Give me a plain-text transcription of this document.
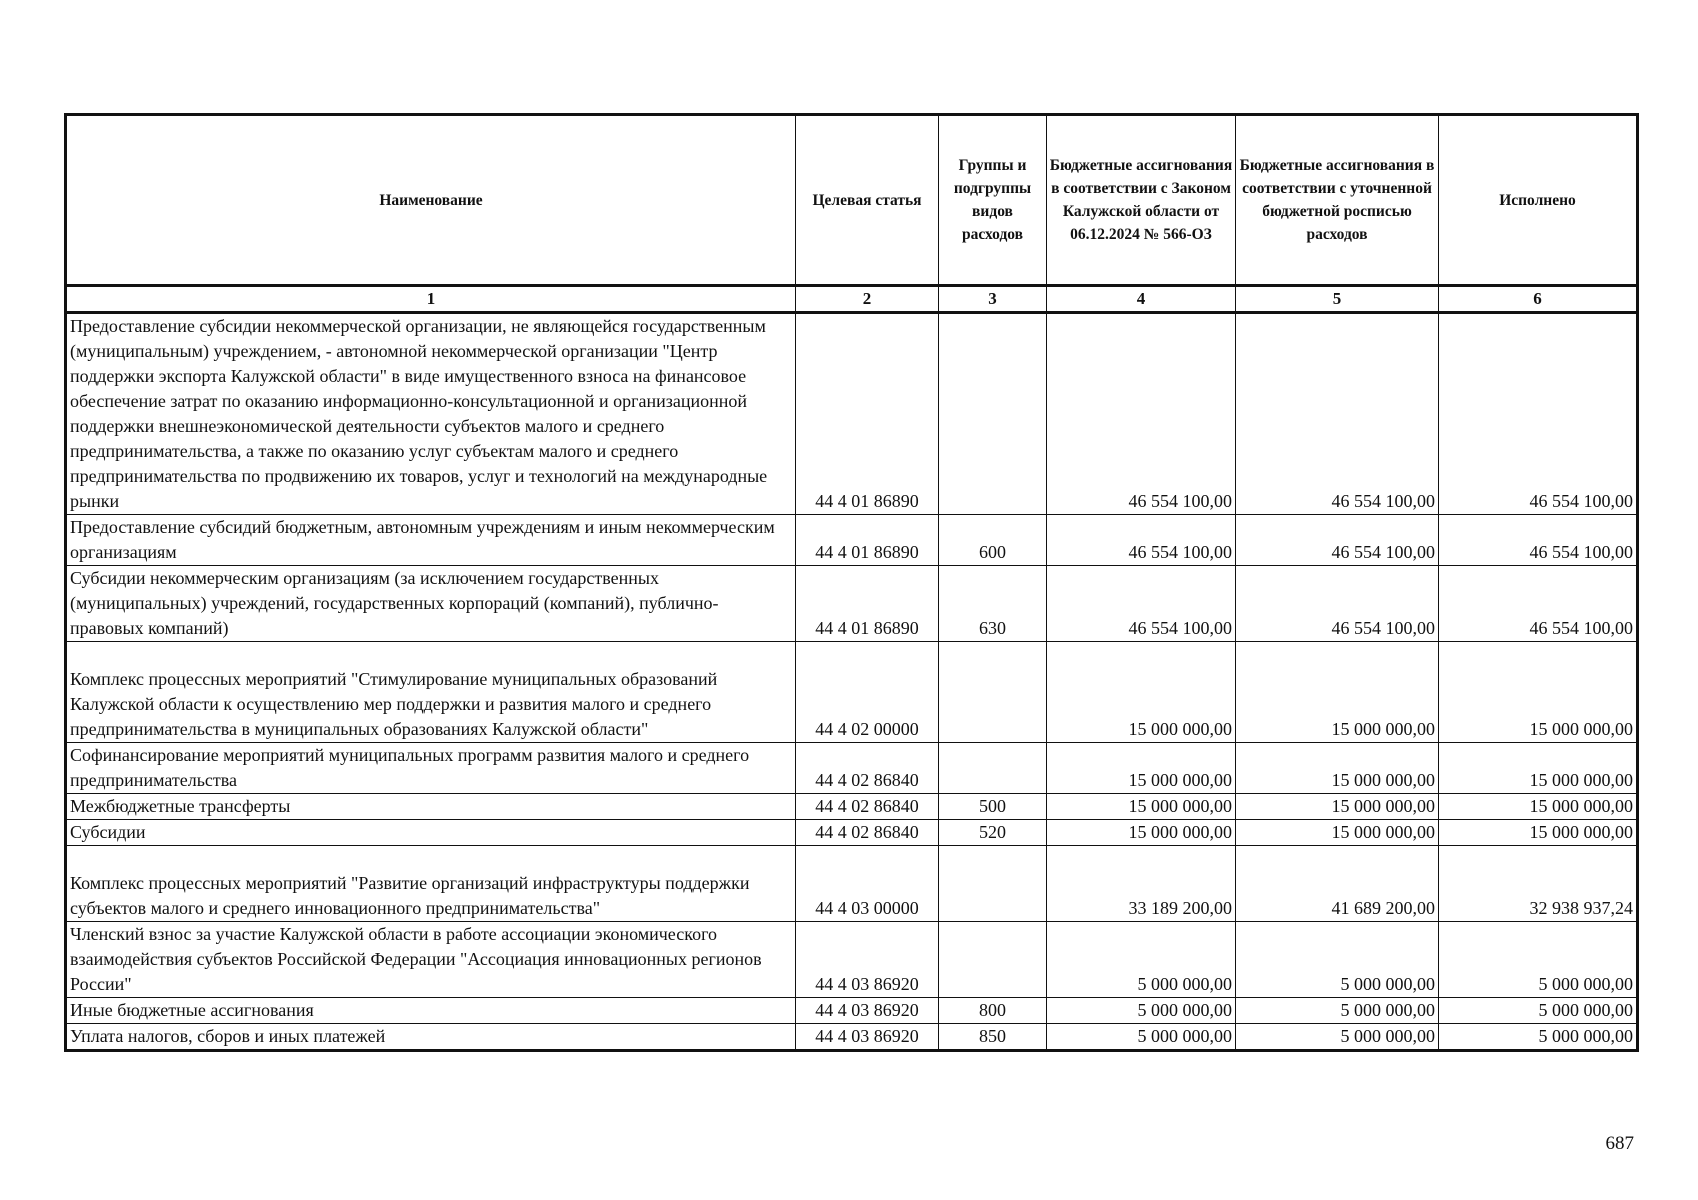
Наименование	Целевая статья	Группы и подгруппы видов расходов	Бюджетные ассигнования в соответствии с Законом Калужской области от 06.12.2024 № 566-ОЗ	Бюджетные ассигнования в соответствии с уточненной бюджетной росписью расходов	Исполнено
1	2	3	4	5	6
Предоставление субсидии некоммерческой организации, не являющейся государственным (муниципальным) учреждением, - автономной некоммерческой организации "Центр поддержки экспорта Калужской области" в виде имущественного взноса на финансовое обеспечение затрат по оказанию информационно-консультационной и организационной поддержки внешнеэкономической деятельности субъектов малого и среднего предпринимательства, а также по оказанию услуг субъектам малого и среднего предпринимательства по продвижению их товаров, услуг и технологий на международные рынки	44 4 01 86890		46 554 100,00	46 554 100,00	46 554 100,00
Предоставление субсидий бюджетным, автономным учреждениям и иным некоммерческим организациям	44 4 01 86890	600	46 554 100,00	46 554 100,00	46 554 100,00
Субсидии некоммерческим организациям (за исключением государственных (муниципальных) учреждений, государственных корпораций (компаний), публично-правовых компаний)	44 4 01 86890	630	46 554 100,00	46 554 100,00	46 554 100,00
Комплекс процессных мероприятий "Стимулирование муниципальных образований Калужской области к осуществлению мер поддержки и развития малого и среднего предпринимательства в муниципальных образованиях Калужской области"	44 4 02 00000		15 000 000,00	15 000 000,00	15 000 000,00
Софинансирование мероприятий муниципальных программ развития малого и среднего предпринимательства	44 4 02 86840		15 000 000,00	15 000 000,00	15 000 000,00
Межбюджетные трансферты	44 4 02 86840	500	15 000 000,00	15 000 000,00	15 000 000,00
Субсидии	44 4 02 86840	520	15 000 000,00	15 000 000,00	15 000 000,00
Комплекс процессных мероприятий "Развитие организаций инфраструктуры поддержки субъектов малого и среднего инновационного предпринимательства"	44 4 03 00000		33 189 200,00	41 689 200,00	32 938 937,24
Членский взнос за участие Калужской области в работе ассоциации экономического взаимодействия субъектов Российской Федерации "Ассоциация инновационных регионов России"	44 4 03 86920		5 000 000,00	5 000 000,00	5 000 000,00
Иные бюджетные ассигнования	44 4 03 86920	800	5 000 000,00	5 000 000,00	5 000 000,00
Уплата налогов, сборов и иных платежей	44 4 03 86920	850	5 000 000,00	5 000 000,00	5 000 000,00
687
